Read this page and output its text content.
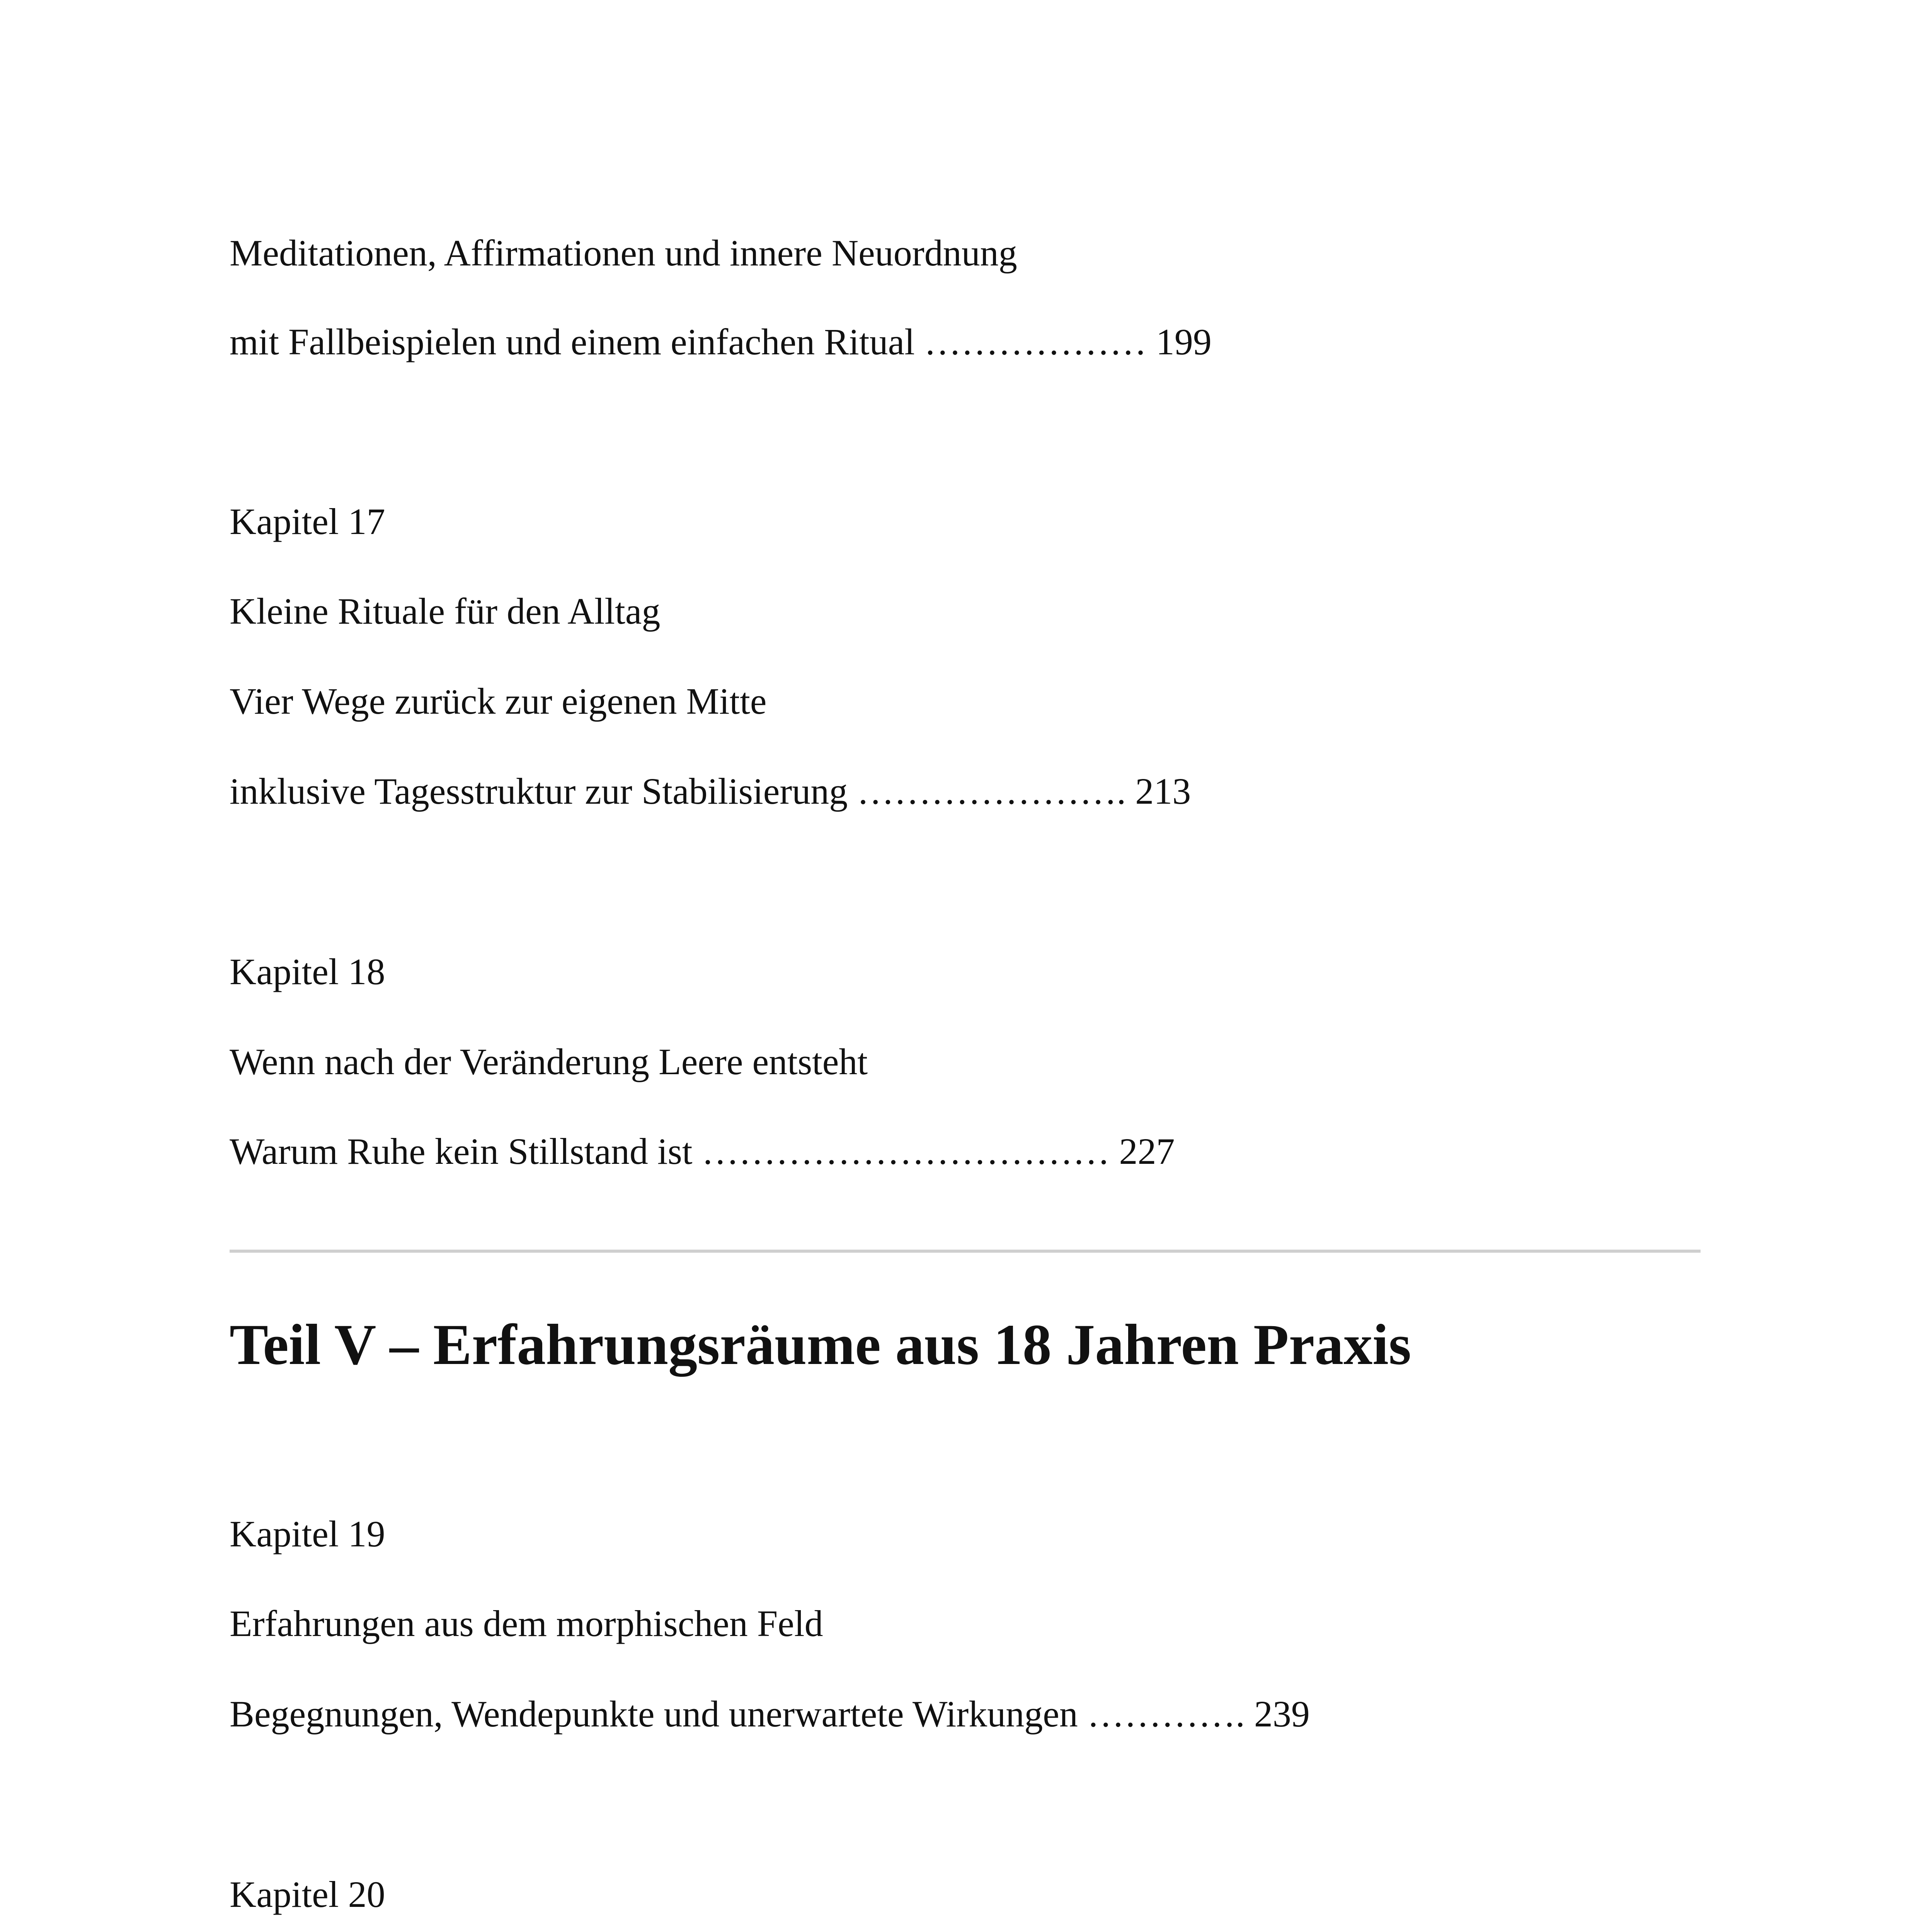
Meditationen, Affirmationen und innere Neuordnung
mit Fallbeispielen und einem einfachen Ritual ……………… 199
Kapitel 17
Kleine Rituale für den Alltag
Vier Wege zurück zur eigenen Mitte
inklusive Tagesstruktur zur Stabilisierung …………………. 213
Kapitel 18
Wenn nach der Veränderung Leere entsteht
Warum Ruhe kein Stillstand ist …………………………… 227
Teil V – Erfahrungsräume aus 18 Jahren Praxis
Kapitel 19
Erfahrungen aus dem morphischen Feld
Begegnungen, Wendepunkte und unerwartete Wirkungen …………. 239
Kapitel 20
